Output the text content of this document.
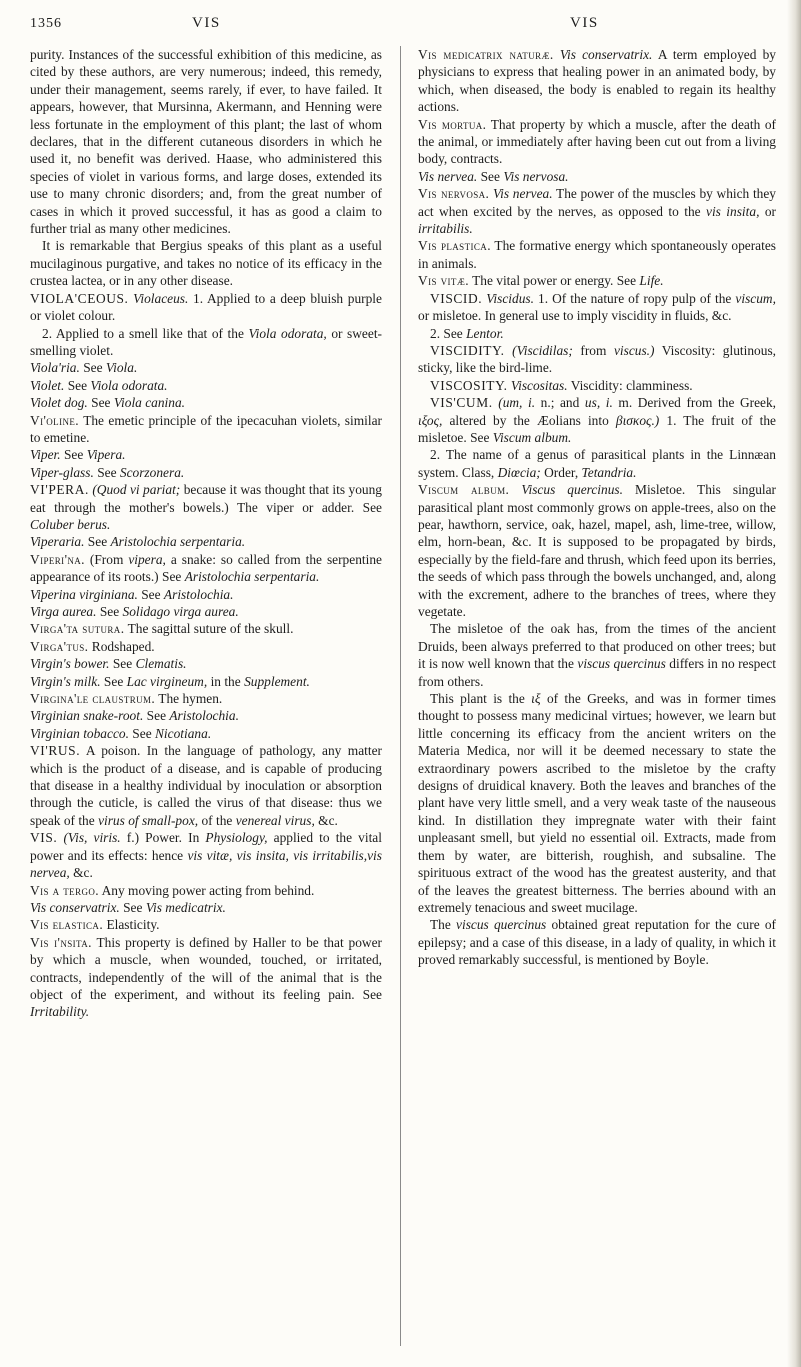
1356	VIS	VIS

purity. Instances of the successful exhibition of this medicine, as cited by these authors, are very numerous; indeed, this remedy, under their management, seems rarely, if ever, to have failed. It appears, however, that Mursinna, Akermann, and Henning were less fortunate in the employment of this plant; the last of whom declares, that in the different cutaneous disorders in which he used it, no benefit was derived. Haase, who administered this species of violet in various forms, and large doses, extended its use to many chronic disorders; and, from the great number of cases in which it proved successful, it has as good a claim to further trial as many other medicines.

It is remarkable that Bergius speaks of this plant as a useful mucilaginous purgative, and takes no notice of its efficacy in the crustea lactea, or in any other disease.

VIOLA'CEOUS. Violaceus. 1. Applied to a deep bluish purple or violet colour.

2. Applied to a smell like that of the Viola odorata, or sweet-smelling violet.

Viola'ria. See Viola.

Violet. See Viola odorata.

Violet dog. See Viola canina.

Vi'oline. The emetic principle of the ipecacuhan violets, similar to emetine.

Viper. See Vipera.

Viper-glass. See Scorzonera.

VI'PERA. (Quod vi pariat; because it was thought that its young eat through the mother's bowels.) The viper or adder. See Coluber berus.

Viperaria. See Aristolochia serpentaria.

Viperi'na. (From vipera, a snake: so called from the serpentine appearance of its roots.) See Aristolochia serpentaria.

Viperina virginiana. See Aristolochia.

Virga aurea. See Solidago virga aurea.

Virga'ta sutura. The sagittal suture of the skull.

Virga'tus. Rodshaped.

Virgin's bower. See Clematis.

Virgin's milk. See Lac virgineum, in the Supplement.

Virgina'le claustrum. The hymen.

Virginian snake-root. See Aristolochia.

Virginian tobacco. See Nicotiana.

VI'RUS. A poison. In the language of pathology, any matter which is the product of a disease, and is capable of producing that disease in a healthy individual by inoculation or absorption through the cuticle, is called the virus of that disease: thus we speak of the virus of small-pox, of the venereal virus, &c.

VIS. (Vis, viris. f.) Power. In Physiology, applied to the vital power and its effects: hence vis vitæ, vis insita, vis irritabilis,vis nervea, &c.

Vis a tergo. Any moving power acting from behind.

Vis conservatrix. See Vis medicatrix.

Vis elastica. Elasticity.

Vis i'nsita. This property is defined by Haller to be that power by which a muscle, when wounded, touched, or irritated, contracts, independently of the will of the animal that is the object of the experiment, and without its feeling pain. See Irritability.

Vis medicatrix naturæ. Vis conservatrix. A term employed by physicians to express that healing power in an animated body, by which, when diseased, the body is enabled to regain its healthy actions.

Vis mortua. That property by which a muscle, after the death of the animal, or immediately after having been cut out from a living body, contracts.

Vis nervea. See Vis nervosa.

Vis nervosa. Vis nervea. The power of the muscles by which they act when excited by the nerves, as opposed to the vis insita, or irritabilis.

Vis plastica. The formative energy which spontaneously operates in animals.

Vis vitæ. The vital power or energy. See Life.

VISCID. Viscidus. 1. Of the nature of ropy pulp of the viscum, or misletoe. In general use to imply viscidity in fluids, &c.

2. See Lentor.

VISCIDITY. (Viscidilas; from viscus.) Viscosity: glutinous, sticky, like the bird-lime.

VISCOSITY. Viscositas. Viscidity: clamminess.

VIS'CUM. (um, i. n.; and us, i. m. Derived from the Greek, ιξος, altered by the Æolians into βισκος.) 1. The fruit of the misletoe. See Viscum album.

2. The name of a genus of parasitical plants in the Linnæan system. Class, Diœcia; Order, Tetandria.

Viscum album. Viscus quercinus. Misletoe. This singular parasitical plant most commonly grows on apple-trees, also on the pear, hawthorn, service, oak, hazel, mapel, ash, lime-tree, willow, elm, horn-bean, &c. It is supposed to be propagated by birds, especially by the field-fare and thrush, which feed upon its berries, the seeds of which pass through the bowels unchanged, and, along with the excrement, adhere to the branches of trees, where they vegetate.

The misletoe of the oak has, from the times of the ancient Druids, been always preferred to that produced on other trees; but it is now well known that the viscus quercinus differs in no respect from others.

This plant is the ιξ of the Greeks, and was in former times thought to possess many medicinal virtues; however, we learn but little concerning its efficacy from the ancient writers on the Materia Medica, nor will it be deemed necessary to state the extraordinary powers ascribed to the misletoe by the crafty designs of druidical knavery. Both the leaves and branches of the plant have very little smell, and a very weak taste of the nauseous kind. In distillation they impregnate water with their faint unpleasant smell, but yield no essential oil. Extracts, made from them by water, are bitterish, roughish, and subsaline. The spirituous extract of the wood has the greatest austerity, and that of the leaves the greatest bitterness. The berries abound with an extremely tenacious and sweet mucilage.

The viscus quercinus obtained great reputation for the cure of epilepsy; and a case of this disease, in a lady of quality, in which it proved remarkably successful, is mentioned by Boyle.
